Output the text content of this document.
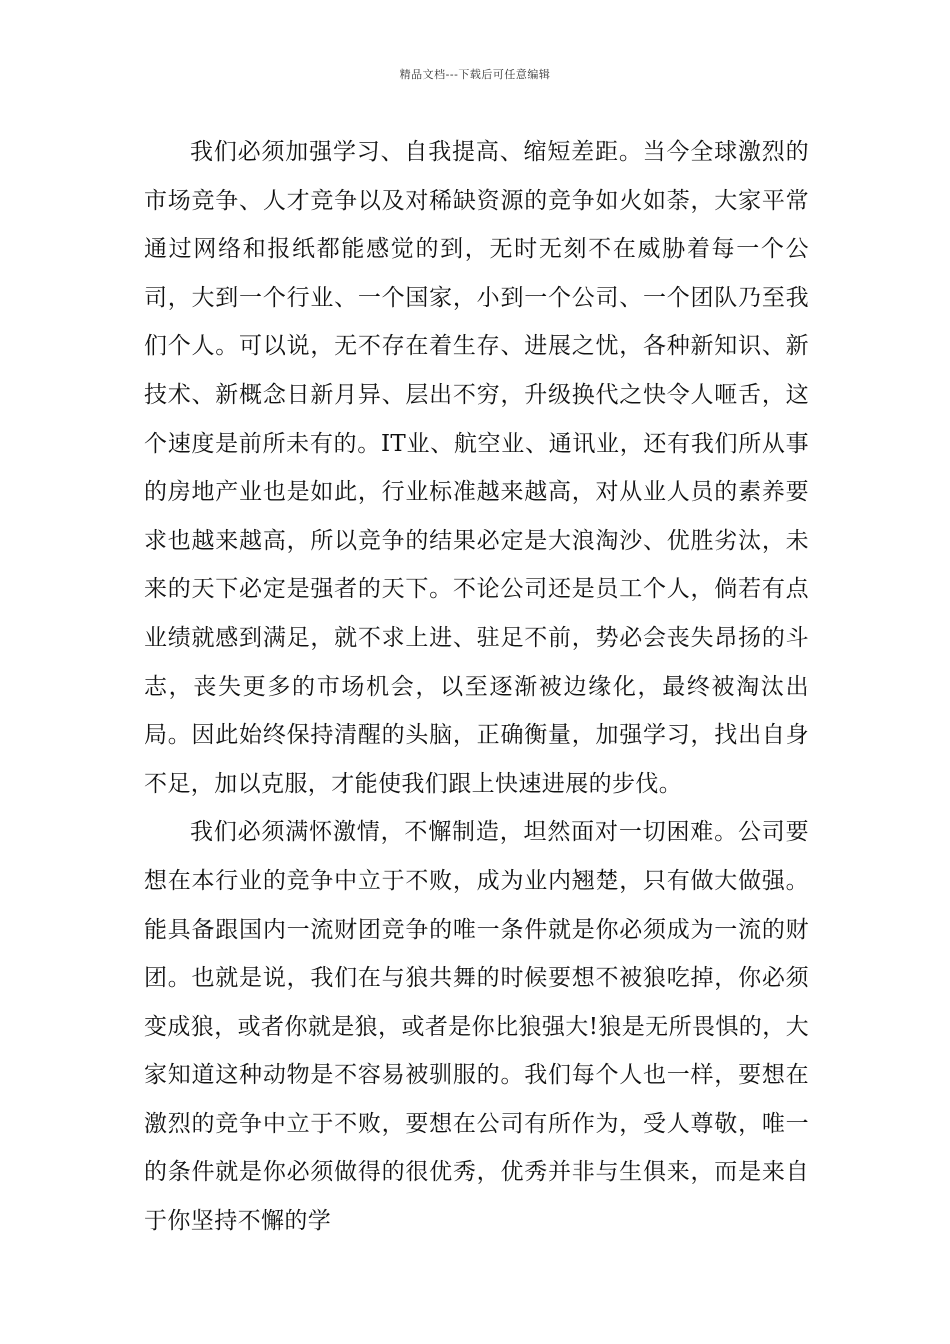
精品文档---下载后可任意编辑

我们必须加强学习、自我提高、缩短差距。当今全球激烈的市场竞争、人才竞争以及对稀缺资源的竞争如火如荼，大家平常通过网络和报纸都能感觉的到，无时无刻不在威胁着每一个公司，大到一个行业、一个国家，小到一个公司、一个团队乃至我们个人。可以说，无不存在着生存、进展之忧，各种新知识、新技术、新概念日新月异、层出不穷，升级换代之快令人咂舌，这个速度是前所未有的。IT业、航空业、通讯业，还有我们所从事的房地产业也是如此，行业标准越来越高，对从业人员的素养要求也越来越高，所以竞争的结果必定是大浪淘沙、优胜劣汰，未来的天下必定是强者的天下。不论公司还是员工个人，倘若有点业绩就感到满足，就不求上进、驻足不前，势必会丧失昂扬的斗志，丧失更多的市场机会，以至逐渐被边缘化，最终被淘汰出局。因此始终保持清醒的头脑，正确衡量，加强学习，找出自身不足，加以克服，才能使我们跟上快速进展的步伐。

我们必须满怀激情，不懈制造，坦然面对一切困难。公司要想在本行业的竞争中立于不败，成为业内翘楚，只有做大做强。能具备跟国内一流财团竞争的唯一条件就是你必须成为一流的财团。也就是说，我们在与狼共舞的时候要想不被狼吃掉，你必须变成狼，或者你就是狼，或者是你比狼强大!狼是无所畏惧的，大家知道这种动物是不容易被驯服的。我们每个人也一样，要想在激烈的竞争中立于不败，要想在公司有所作为，受人尊敬，唯一的条件就是你必须做得的很优秀，优秀并非与生俱来，而是来自于你坚持不懈的学
